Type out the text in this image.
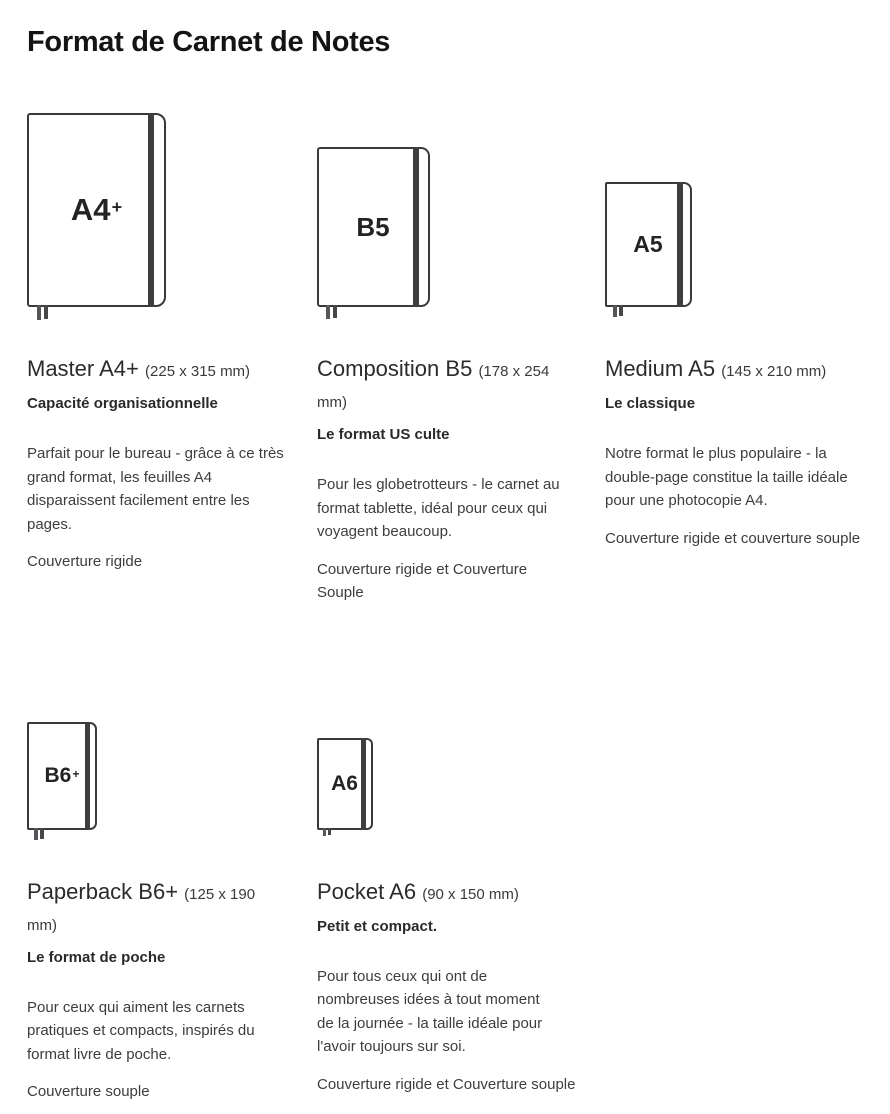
Format de Carnet de Notes
A4 +
Master A4+ (225 x 315 mm)

Capacité organisationnelle

Parfait pour le bureau - grâce à ce très grand format, les feuilles A4 disparaissent facilement entre les pages.

Couverture rigide

B5
Composition B5 (178 x 254 mm)

Le format US culte

Pour les globetrotteurs - le carnet au format tablette, idéal pour ceux qui voyagent beaucoup.

Couverture rigide et Couverture Souple

A5
Medium A5 (145 x 210 mm)

Le classique

Notre format le plus populaire - la double-page constitue la taille idéale pour une photocopie A4.

Couverture rigide et couverture souple

B6 +
Paperback B6+ (125 x 190 mm)

Le format de poche

Pour ceux qui aiment les carnets pratiques et compacts, inspirés du format livre de poche.

Couverture souple

A6
Pocket A6 (90 x 150 mm)

Petit et compact.

Pour tous ceux qui ont de nombreuses idées à tout moment de la journée - la taille idéale pour l'avoir toujours sur soi.

Couverture rigide et Couverture souple
